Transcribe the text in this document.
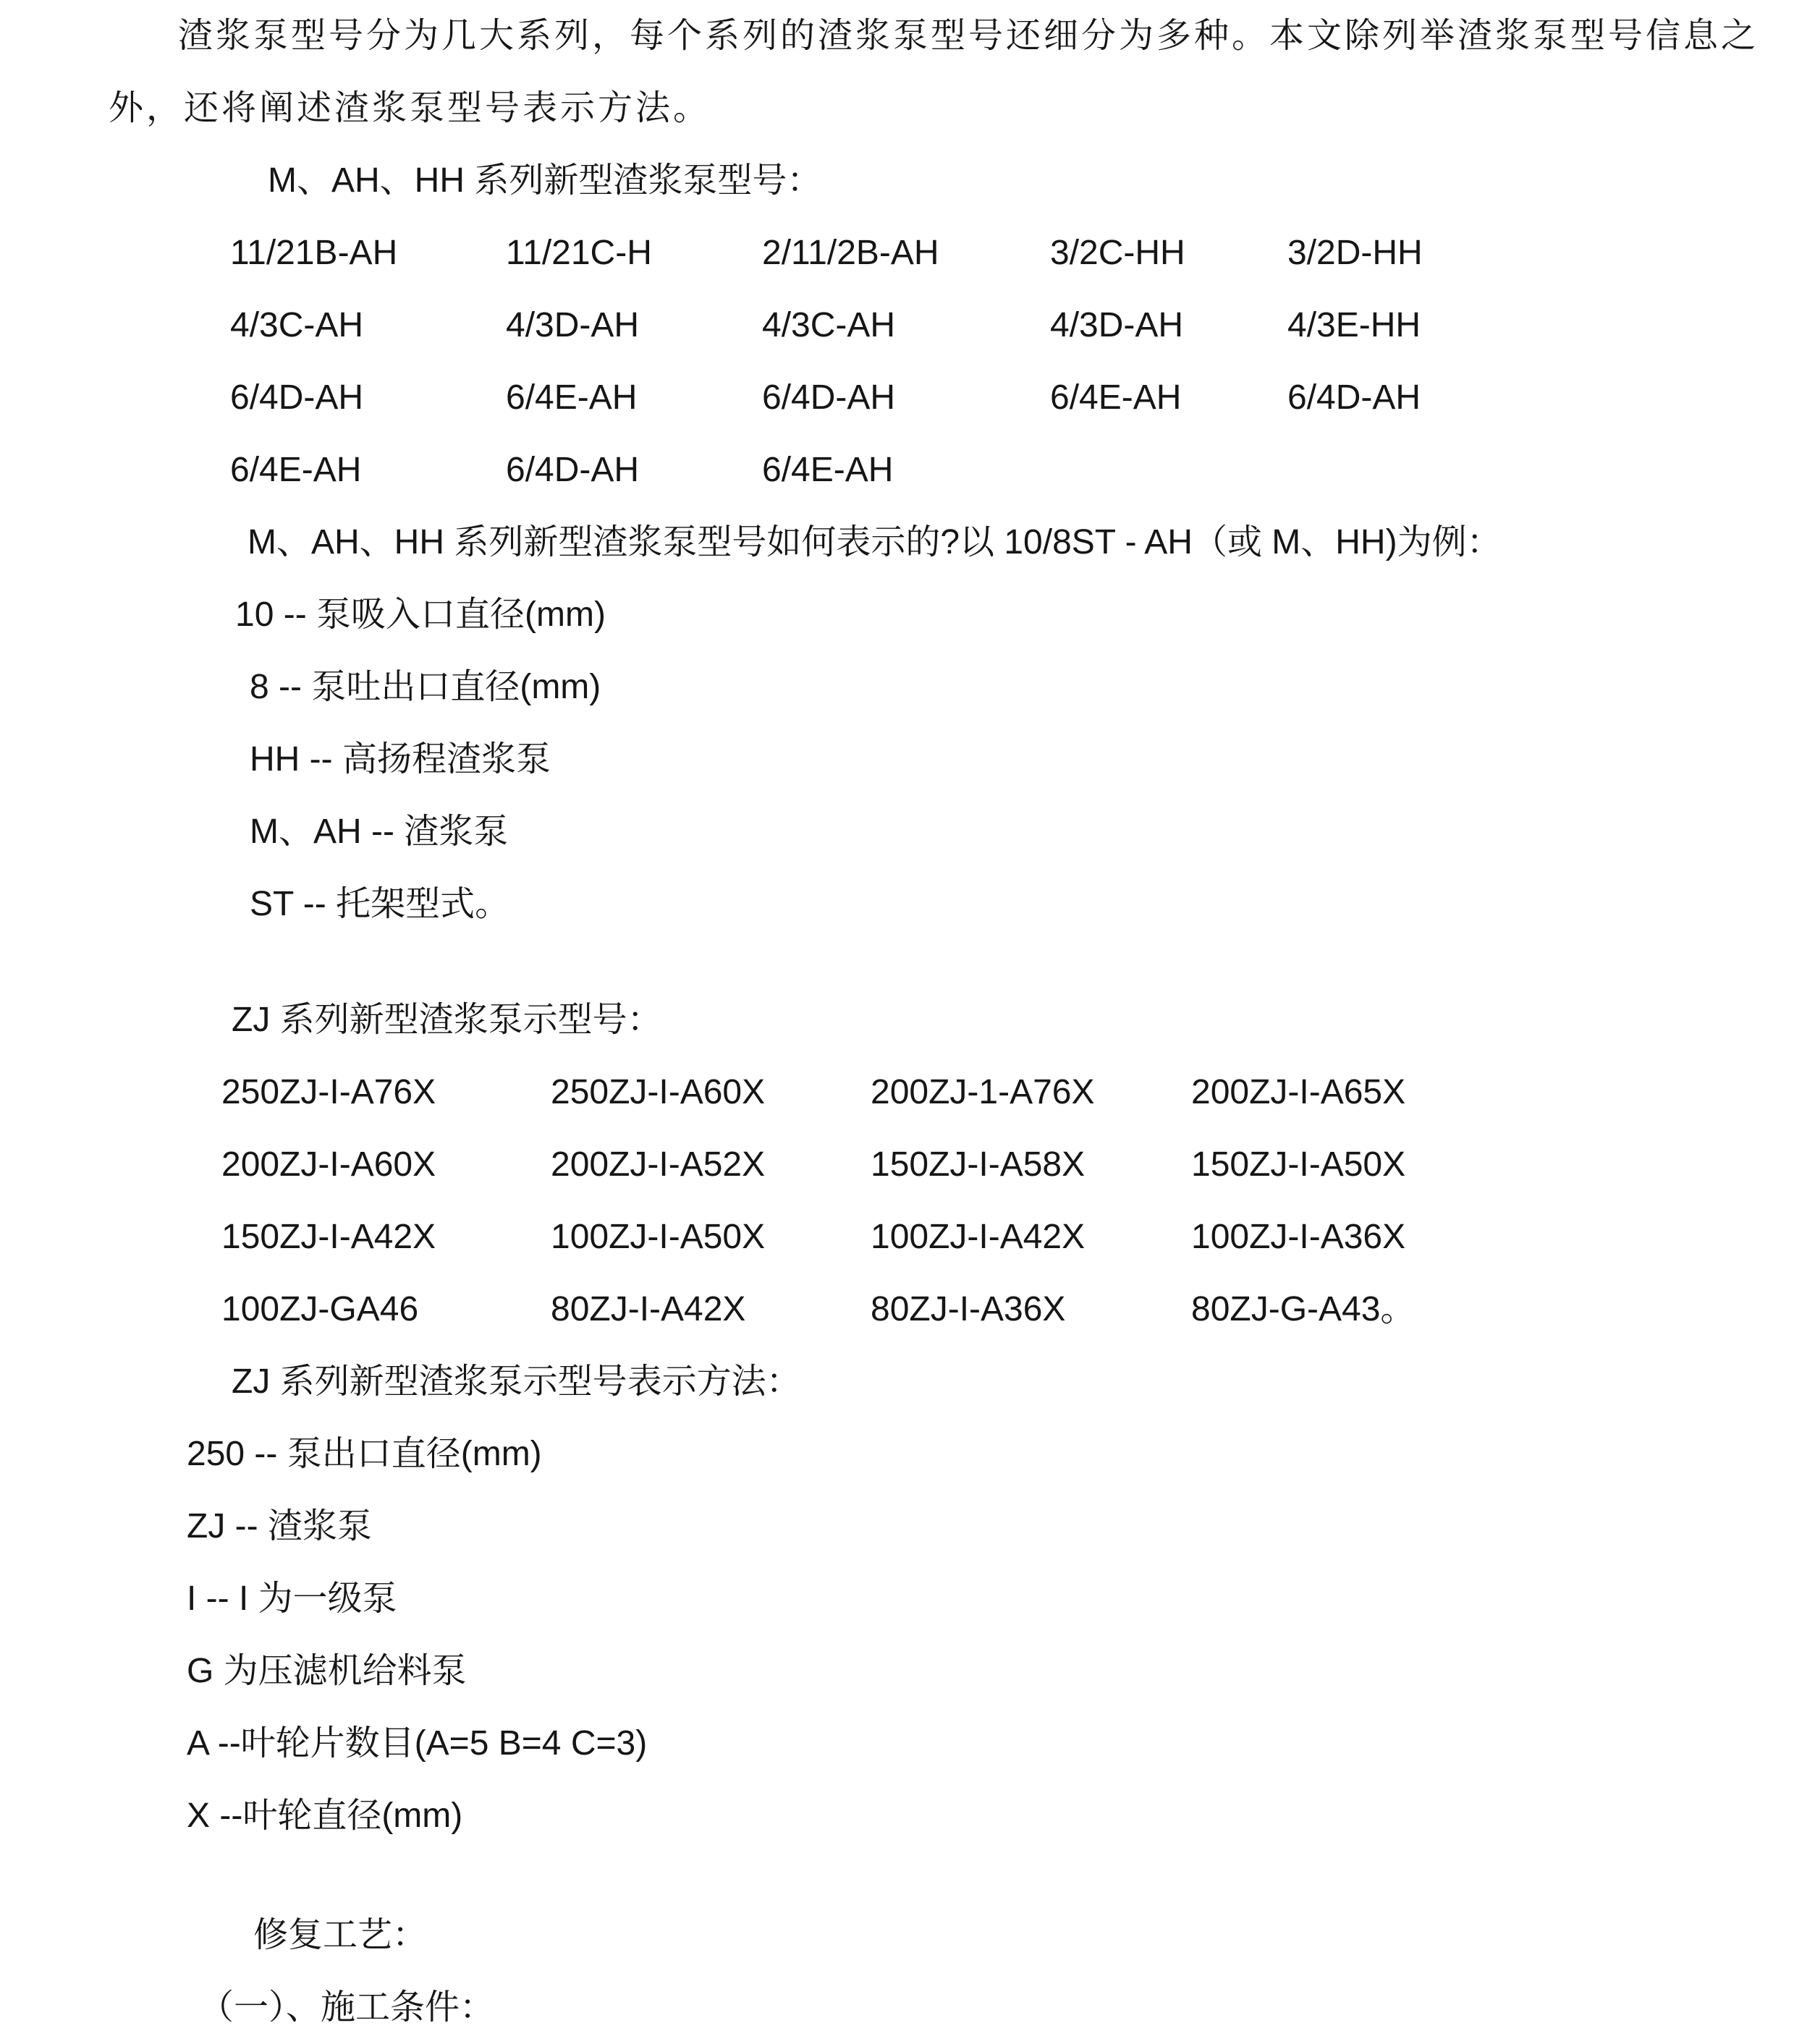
渣浆泵型号分为几大系列，每个系列的渣浆泵型号还细分为多种。本文除列举渣浆泵型号信息之外，还将阐述渣浆泵型号表示方法。

M、AH、HH 系列新型渣浆泵型号：

11/21B-AH	11/21C-H	2/11/2B-AH	3/2C-HH	3/2D-HH
4/3C-AH	4/3D-AH	4/3C-AH	4/3D-AH	4/3E-HH
6/4D-AH	6/4E-AH	6/4D-AH	6/4E-AH	6/4D-AH
6/4E-AH	6/4D-AH	6/4E-AH

M、AH、HH 系列新型渣浆泵型号如何表示的?以 10/8ST - AH（或 M、HH)为例：

10 -- 泵吸入口直径(mm)

8 -- 泵吐出口直径(mm)

HH -- 高扬程渣浆泵

M、AH -- 渣浆泵

ST -- 托架型式。

ZJ 系列新型渣浆泵示型号：

250ZJ-I-A76X	250ZJ-I-A60X	200ZJ-1-A76X	200ZJ-I-A65X
200ZJ-I-A60X	200ZJ-I-A52X	150ZJ-I-A58X	150ZJ-I-A50X
150ZJ-I-A42X	100ZJ-I-A50X	100ZJ-I-A42X	100ZJ-I-A36X
100ZJ-GA46	80ZJ-I-A42X	80ZJ-I-A36X	80ZJ-G-A43。

ZJ 系列新型渣浆泵示型号表示方法：

250 -- 泵出口直径(mm)

ZJ -- 渣浆泵

I -- I 为一级泵

G 为压滤机给料泵

A --叶轮片数目(A=5 B=4 C=3)

X --叶轮直径(mm)

修复工艺：

（一）、施工条件：
